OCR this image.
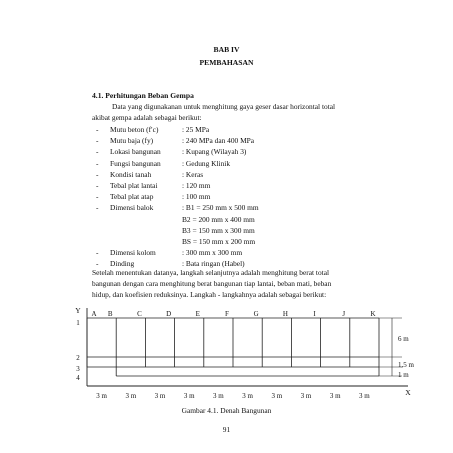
BAB IV
PEMBAHASAN
4.1. Perhitungan Beban Gempa
Data yang digunakanan untuk menghitung gaya geser dasar horizontal total
akibat gempa adalah sebagai berikut:
- Mutu beton (f′c)	: 25 MPa
- Mutu baja (fy)	: 240 MPa dan 400 MPa
- Lokasi bangunan	: Kupang (Wilayah 3)
- Fungsi bangunan	: Gedung Klinik
- Kondisi tanah	: Keras
- Tebal plat lantai	: 120 mm
- Tebal plat atap	: 100 mm
- Dimensi balok	: B1 = 250 mm x 500 mm
B2 = 200 mm x 400 mm
B3 = 150 mm x 300 mm
BS = 150 mm x 200 mm
- Dimensi kolom	: 300 mm x 300 mm
- Dinding	: Bata ringan (Habel)
Setelah menentukan datanya, langkah selanjutnya adalah menghitung berat total
bangunan dengan cara menghitung berat bangunan tiap lantai, beban mati, beban
hidup, dan koefisien reduksinya. Langkah - langkahnya adalah sebagai berikut:
Y
X
A B	C	D	E	F	G	H	I	J	K
1
2
3
4
3 m	3 m	3 m	3 m	3 m	3 m	3 m	3 m	3 m	3 m
6 m
1,5 m
1 m
Gambar 4.1. Denah Bangunan
91
